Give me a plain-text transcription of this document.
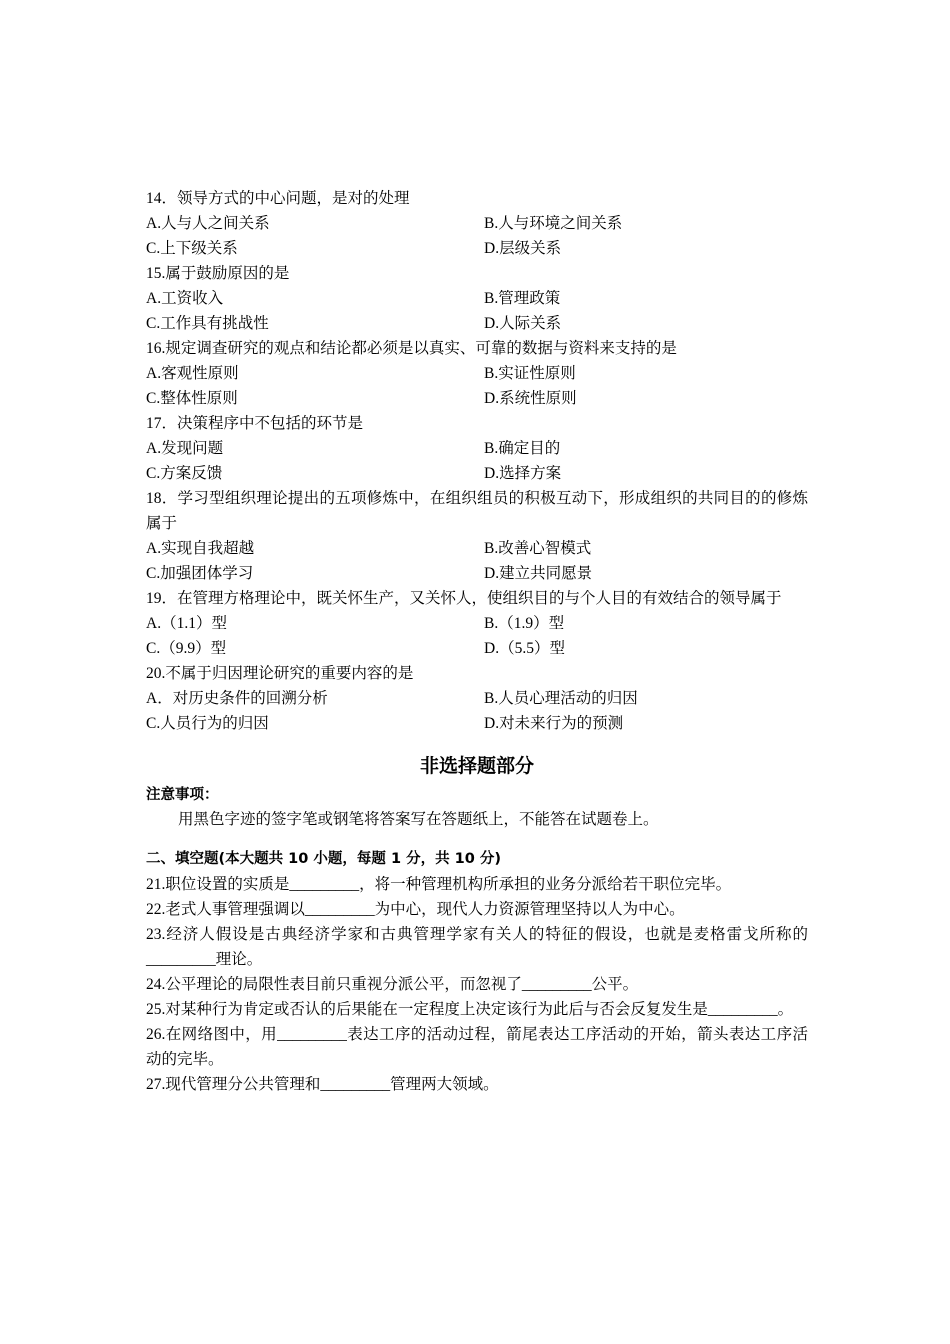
14．领导方式的中心问题，是对的处理
A.人与人之间关系	B.人与环境之间关系
C.上下级关系	D.层级关系
15.属于鼓励原因的是
A.工资收入	B.管理政策
C.工作具有挑战性	D.人际关系
16.规定调查研究的观点和结论都必须是以真实、可靠的数据与资料来支持的是
A.客观性原则	B.实证性原则
C.整体性原则	D.系统性原则
17．决策程序中不包括的环节是
A.发现问题	B.确定目的
C.方案反馈	D.选择方案
18．学习型组织理论提出的五项修炼中，在组织组员的积极互动下，形成组织的共同目的的修炼属于
A.实现自我超越	B.改善心智模式
C.加强团体学习	D.建立共同愿景
19．在管理方格理论中，既关怀生产，又关怀人，使组织目的与个人目的有效结合的领导属于
A.（1.1）型	B.（1.9）型
C.（9.9）型	D.（5.5）型
20.不属于归因理论研究的重要内容的是
A．对历史条件的回溯分析	B.人员心理活动的归因
C.人员行为的归因	D.对未来行为的预测
非选择题部分
注意事项：
用黑色字迹的签字笔或钢笔将答案写在答题纸上，不能答在试题卷上。
二、填空题(本大题共 10 小题，每题 1 分，共 10 分)
21.职位设置的实质是_________，将一种管理机构所承担的业务分派给若干职位完毕。
22.老式人事管理强调以_________为中心，现代人力资源管理坚持以人为中心。
23.经济人假设是古典经济学家和古典管理学家有关人的特征的假设，也就是麦格雷戈所称的_________理论。
24.公平理论的局限性表目前只重视分派公平，而忽视了_________公平。
25.对某种行为肯定或否认的后果能在一定程度上决定该行为此后与否会反复发生是_________。
26.在网络图中，用_________表达工序的活动过程，箭尾表达工序活动的开始，箭头表达工序活动的完毕。
27.现代管理分公共管理和_________管理两大领域。
